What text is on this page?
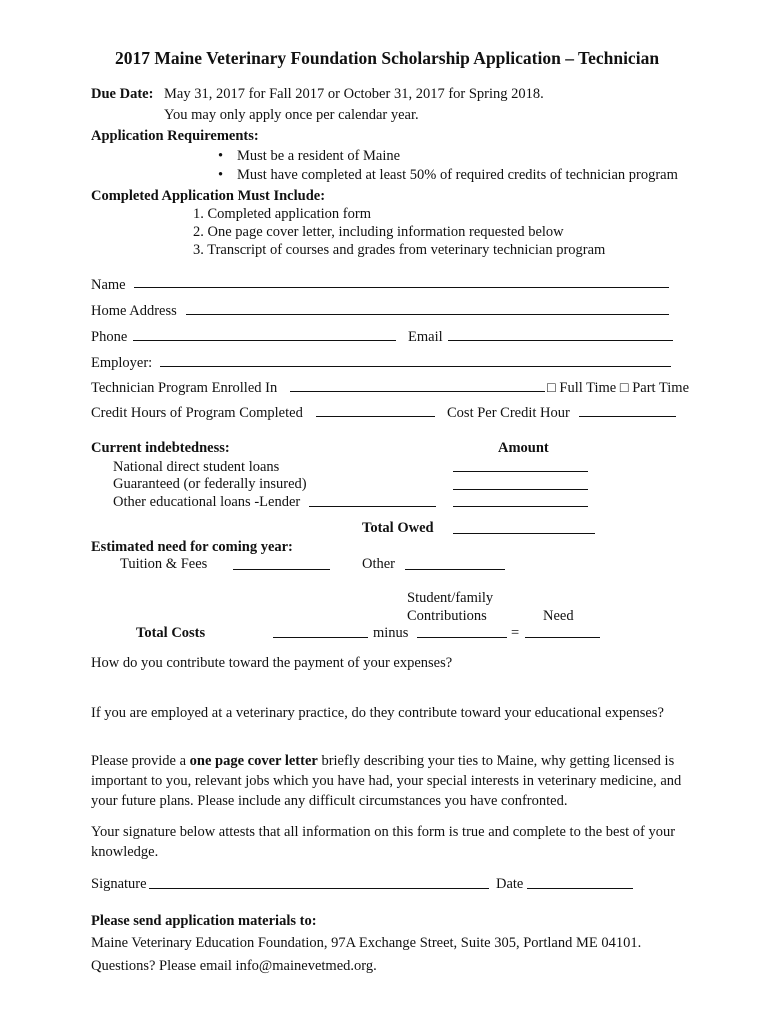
2017 Maine Veterinary Foundation Scholarship Application – Technician
Due Date: May 31, 2017 for Fall 2017 or October 31, 2017 for Spring 2018.
You may only apply once per calendar year.
Application Requirements:
• Must be a resident of Maine
• Must have completed at least 50% of required credits of technician program
Completed Application Must Include:
1. Completed application form
2. One page cover letter, including information requested below
3. Transcript of courses and grades from veterinary technician program
Name
Home Address
Phone	Email
Employer:
Technician Program Enrolled In	□ Full Time □ Part Time
Credit Hours of Program Completed	Cost Per Credit Hour
Current indebtedness:	Amount
National direct student loans
Guaranteed (or federally insured)
Other educational loans -Lender
Total Owed
Estimated need for coming year:
Tuition & Fees	Other
Student/family
Contributions	Need
Total Costs	minus	=
How do you contribute toward the payment of your expenses?
If you are employed at a veterinary practice, do they contribute toward your educational expenses?
Please provide a one page cover letter briefly describing your ties to Maine, why getting licensed is important to you, relevant jobs which you have had, your special interests in veterinary medicine, and your future plans. Please include any difficult circumstances you have confronted.
Your signature below attests that all information on this form is true and complete to the best of your knowledge.
Signature	Date
Please send application materials to:
Maine Veterinary Education Foundation, 97A Exchange Street, Suite 305, Portland ME 04101.
Questions? Please email info@mainevetmed.org.
